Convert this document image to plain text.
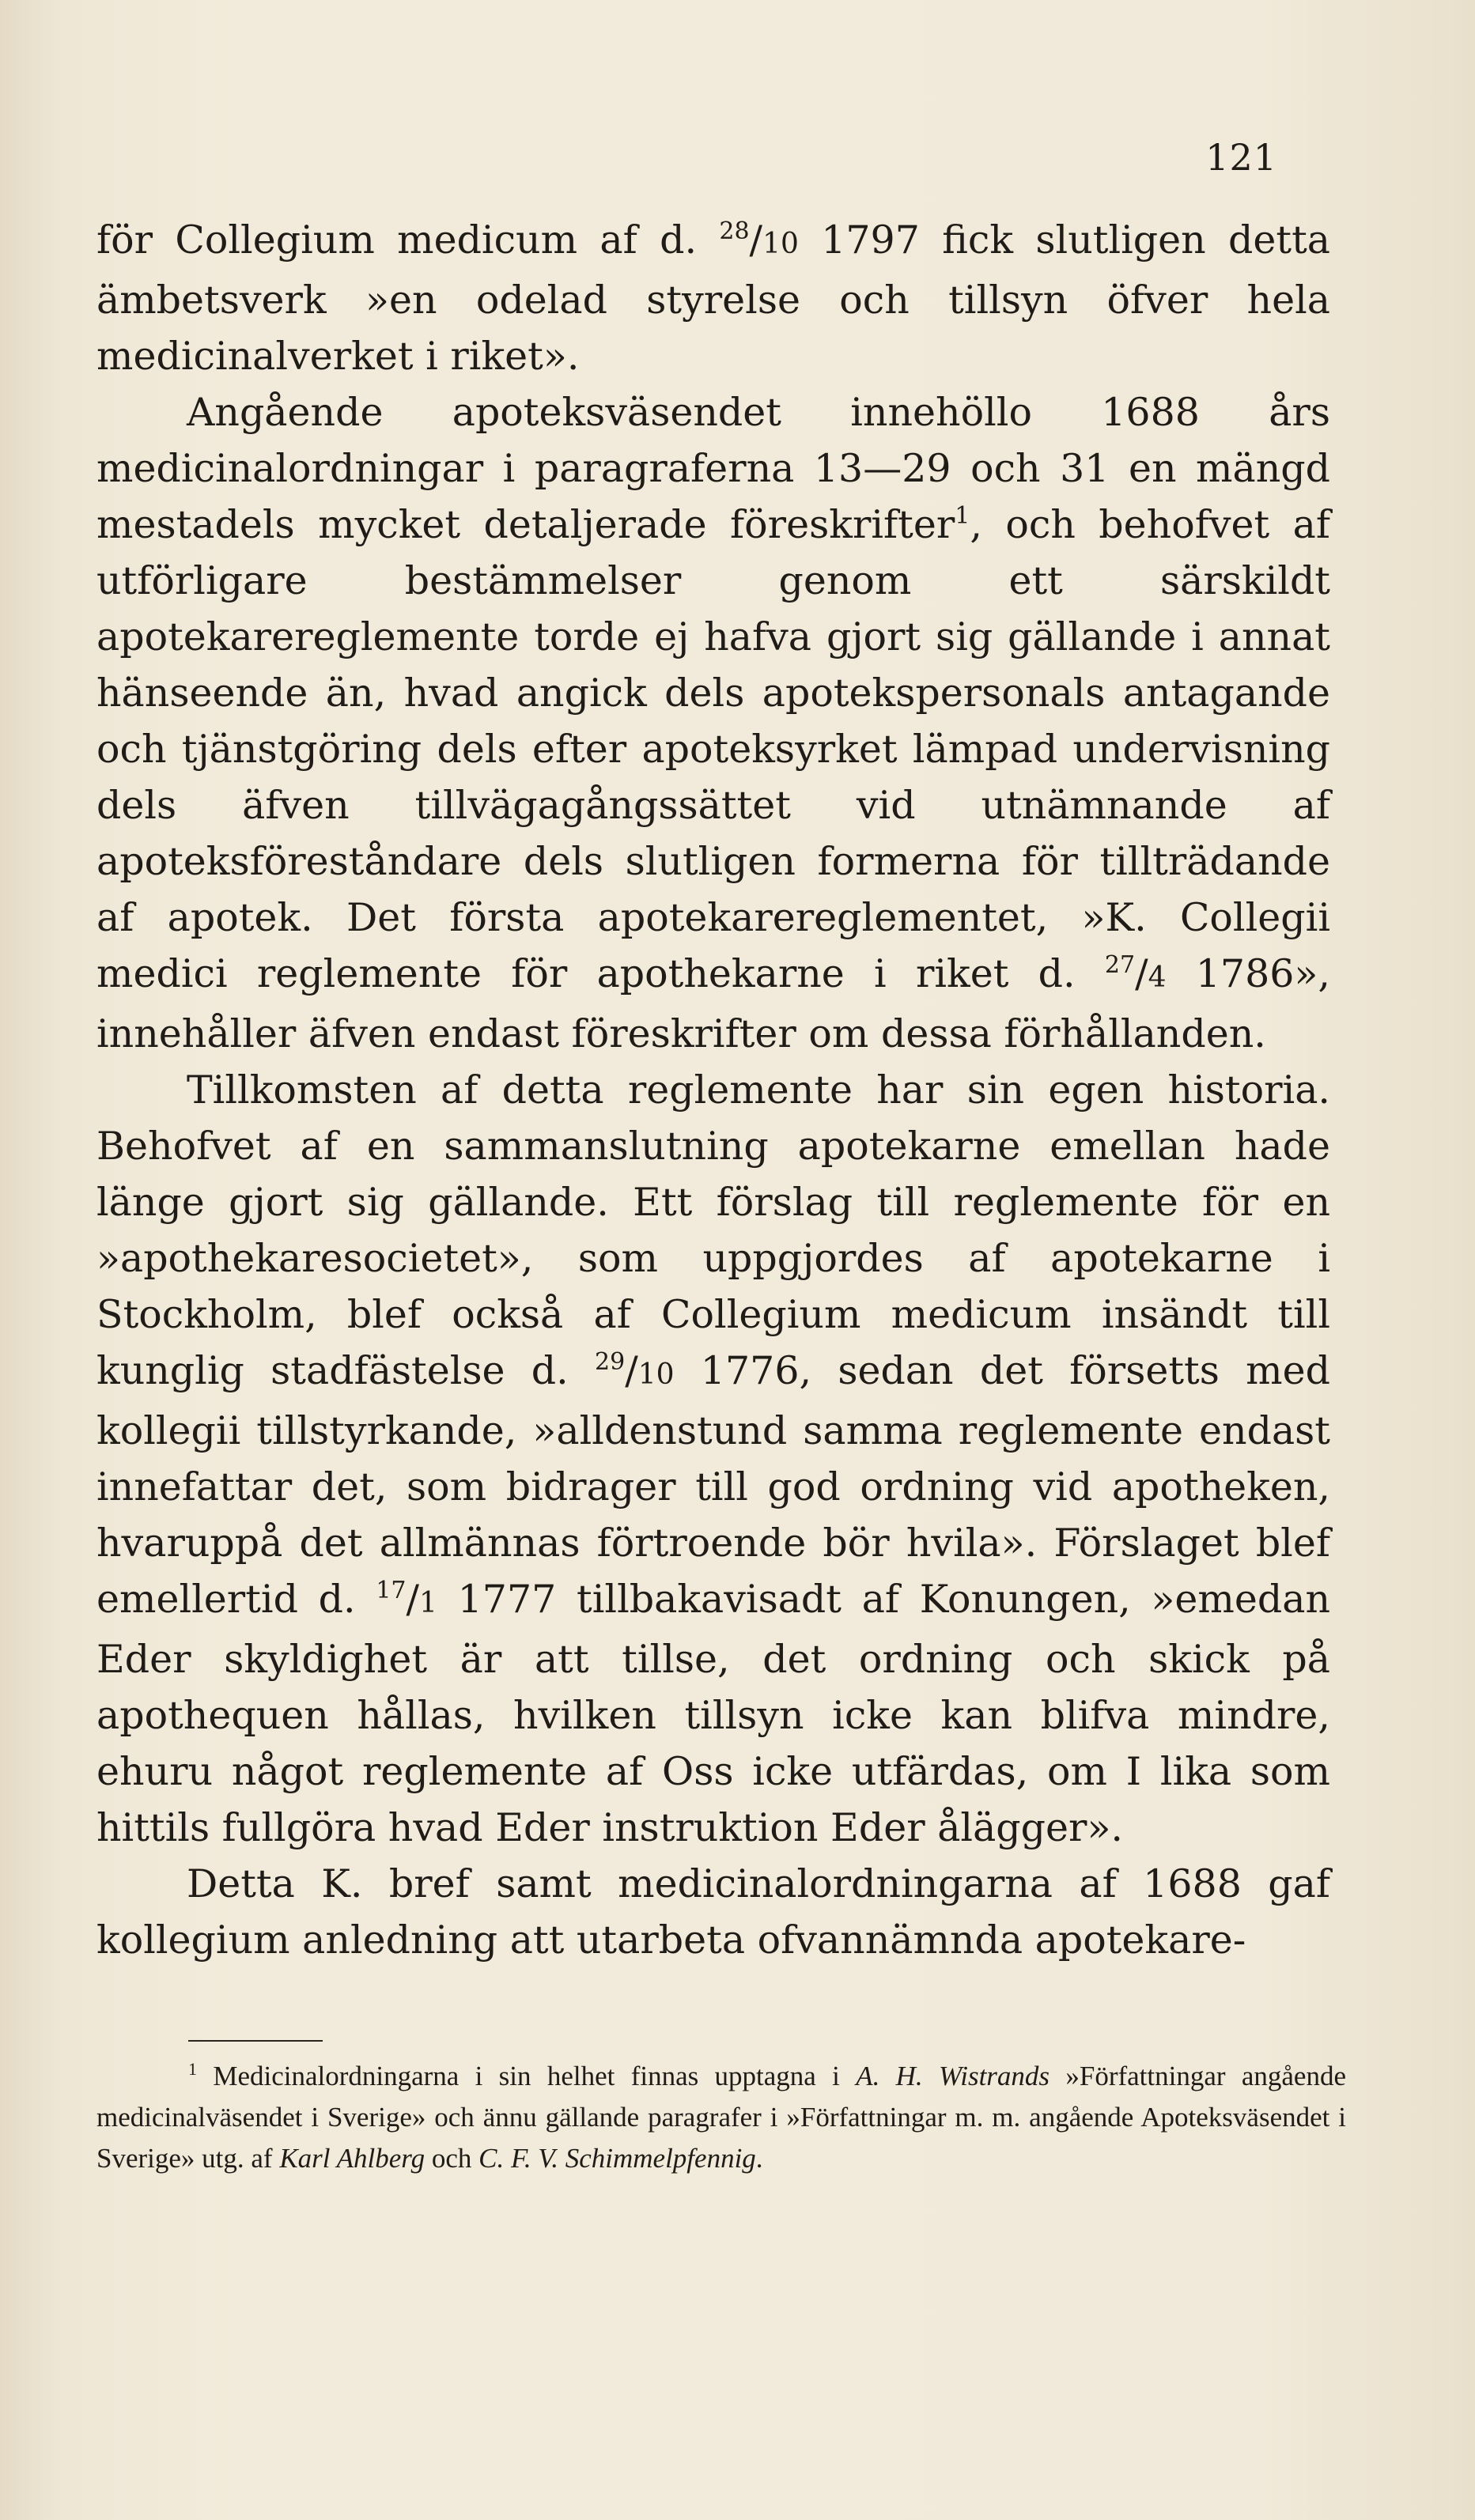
121

för Collegium medicum af d. $^{28}$/10 1797 fick slutligen detta ämbetsverk »en odelad styrelse och tillsyn öfver hela medicinalverket i riket».

Angående apoteksväsendet innehöllo 1688 års medicinalordningar i paragraferna 13—29 och 31 en mängd mestadels mycket detaljerade föreskrifter$^1$, och behofvet af utförligare bestämmelser genom ett särskildt apotekarereglemente torde ej hafva gjort sig gällande i annat hänseende än, hvad angick dels apotekspersonals antagande och tjänstgöring dels efter apoteksyrket lämpad undervisning dels äfven tillvägagångssättet vid utnämnande af apoteksföreståndare dels slutligen formerna för tillträdande af apotek. Det första apotekarereglementet, »K. Collegii medici reglemente för apothekarne i riket d. $^{27}$/4 1786», innehåller äfven endast föreskrifter om dessa förhållanden.

Tillkomsten af detta reglemente har sin egen historia. Behofvet af en sammanslutning apotekarne emellan hade länge gjort sig gällande. Ett förslag till reglemente för en »apothekaresocietet», som uppgjordes af apotekarne i Stockholm, blef också af Collegium medicum insändt till kunglig stadfästelse d. $^{29}$/10 1776, sedan det försetts med kollegii tillstyrkande, »alldenstund samma reglemente endast innefattar det, som bidrager till god ordning vid apotheken, hvaruppå det allmännas förtroende bör hvila». Förslaget blef emellertid d. $^{17}$/1 1777 tillbakavisadt af Konungen, »emedan Eder skyldighet är att tillse, det ordning och skick på apothequen hållas, hvilken tillsyn icke kan blifva mindre, ehuru något reglemente af Oss icke utfärdas, om I lika som hittils fullgöra hvad Eder instruktion Eder ålägger».

Detta K. bref samt medicinalordningarna af 1688 gaf kollegium anledning att utarbeta ofvannämnda apotekare-

$^1$ Medicinalordningarna i sin helhet finnas upptagna i A. H. Wistrands »Författningar angående medicinalväsendet i Sverige» och ännu gällande paragrafer i »Författningar m. m. angående Apoteksväsendet i Sverige» utg. af Karl Ahlberg och C. F. V. Schimmelpfennig.
